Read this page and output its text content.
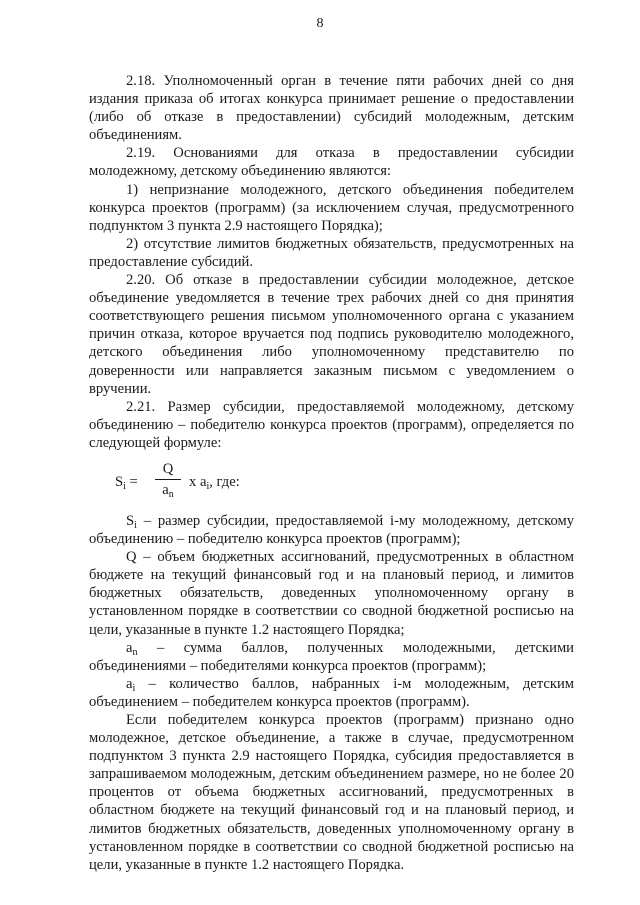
8

2.18. Уполномоченный орган в течение пяти рабочих дней со дня издания приказа об итогах конкурса принимает решение о предоставлении (либо об отказе в предоставлении) субсидий молодежным, детским объединениям.

2.19. Основаниями для отказа в предоставлении субсидии молодежному, детскому объединению являются:

1) непризнание молодежного, детского объединения победителем конкурса проектов (программ) (за исключением случая, предусмотренного подпунктом 3 пункта 2.9 настоящего Порядка);

2) отсутствие лимитов бюджетных обязательств, предусмотренных на предоставление субсидий.

2.20. Об отказе в предоставлении субсидии молодежное, детское объединение уведомляется в течение трех рабочих дней со дня принятия соответствующего решения письмом уполномоченного органа с указанием причин отказа, которое вручается под подпись руководителю молодежного, детского объединения либо уполномоченному представителю по доверенности или направляется заказным письмом с уведомлением о вручении.

2.21. Размер субсидии, предоставляемой молодежному, детскому объединению – победителю конкурса проектов (программ), определяется по следующей формуле:

$S_i$ =
Q
$a_n$
x $a_i$, где:

$S_i$ – размер субсидии, предоставляемой i-му молодежному, детскому объединению – победителю конкурса проектов (программ);

Q – объем бюджетных ассигнований, предусмотренных в областном бюджете на текущий финансовый год и на плановый период, и лимитов бюджетных обязательств, доведенных уполномоченному органу в установленном порядке в соответствии со сводной бюджетной росписью на цели, указанные в пункте 1.2 настоящего Порядка;

$a_n$ – сумма баллов, полученных молодежными, детскими объединениями – победителями конкурса проектов (программ);

$a_i$ – количество баллов, набранных i-м молодежным, детским объединением – победителем конкурса проектов (программ).

Если победителем конкурса проектов (программ) признано одно молодежное, детское объединение, а также в случае, предусмотренном подпунктом 3 пункта 2.9 настоящего Порядка, субсидия предоставляется в запрашиваемом молодежным, детским объединением размере, но не более 20 процентов от объема бюджетных ассигнований, предусмотренных в областном бюджете на текущий финансовый год и на плановый период, и лимитов бюджетных обязательств, доведенных уполномоченному органу в установленном порядке в соответствии со сводной бюджетной росписью на цели, указанные в пункте 1.2 настоящего Порядка.
